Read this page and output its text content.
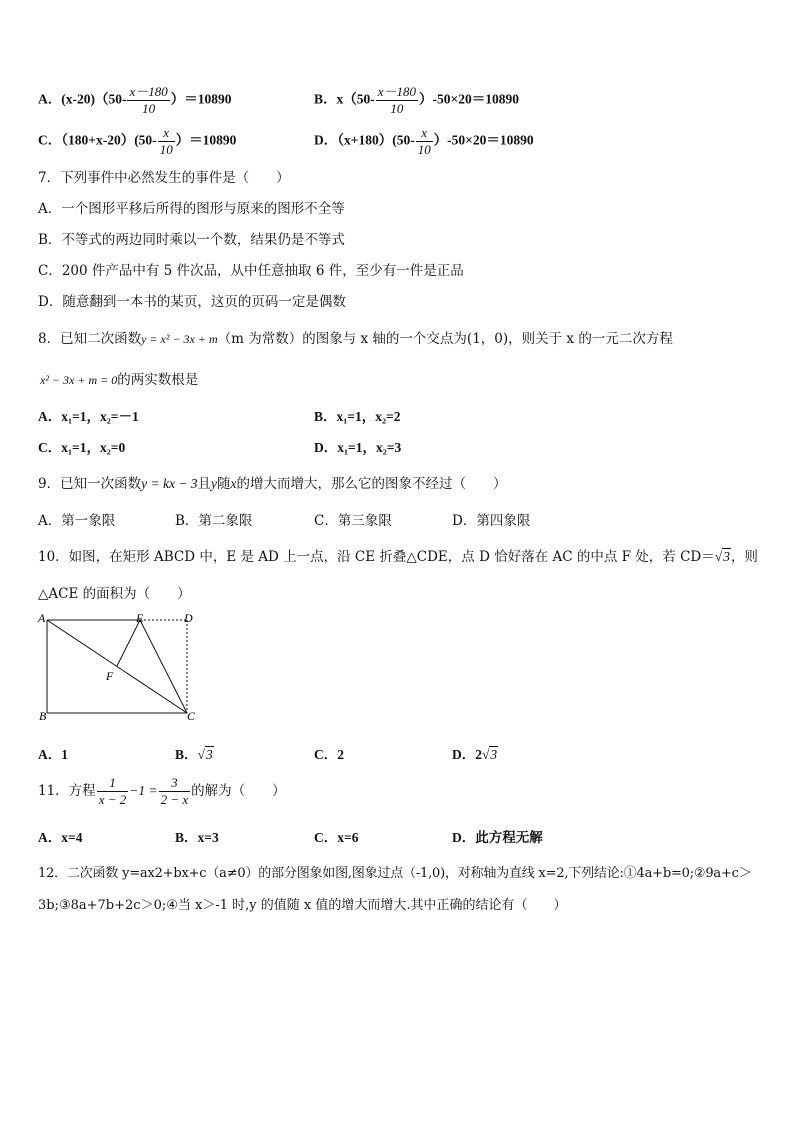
A．$(x-20)(50- \frac{x-180}{10} )=10890$	B．$x(50- \frac{x-180}{10} )-50\times 20=10890$
C．$(180+x-20)(50- \frac{x}{10} )=10890$	D．$(x+180)(50- \frac{x}{10} )-50\times 20=10890$
7．下列事件中必然发生的事件是（　　）
A．一个图形平移后所得的图形与原来的图形不全等
B．不等式的两边同时乘以一个数，结果仍是不等式
C．200 件产品中有 5 件次品，从中任意抽取 6 件，至少有一件是正品
D．随意翻到一本书的某页，这页的页码一定是偶数
8．已知二次函数y = x² − 3x + m（m 为常数）的图象与 x 轴的一个交点为(1，0)，则关于 x 的一元二次方程
x² − 3x + m = 0的两实数根是
A．x₁=1，x₂=－1	B．x₁=1，x₂=2
C．x₁=1，x₂=0	D．x₁=1，x₂=3
9．已知一次函数y = kx − 3且y随x的增大而增大，那么它的图象不经过（　　）
A．第一象限	B．第二象限	C．第三象限	D．第四象限
10．如图，在矩形 ABCD 中，E 是 AD 上一点，沿 CE 折叠△CDE，点 D 恰好落在 AC 的中点 F 处，若 CD＝√3，则
△ACE 的面积为（　　）
A
B	C
D
E
F
A．1	B．√3	C．2	D．2√3
11．方程 $\frac{1}{x - 2} -1 = \frac{3}{2 - x}$ 的解为（　　）
A．x=4	B．x=3	C．x=6	D．此方程无解
12．二次函数 y=ax2+bx+c（a≠0）的部分图象如图,图象过点（-1,0)，对称轴为直线 x=2,下列结论:①4a+b=0;②9a+c＞
3b;③8a+7b+2c＞0;④当 x＞-1 时,y 的值随 x 值的增大而增大.其中正确的结论有（　　）
